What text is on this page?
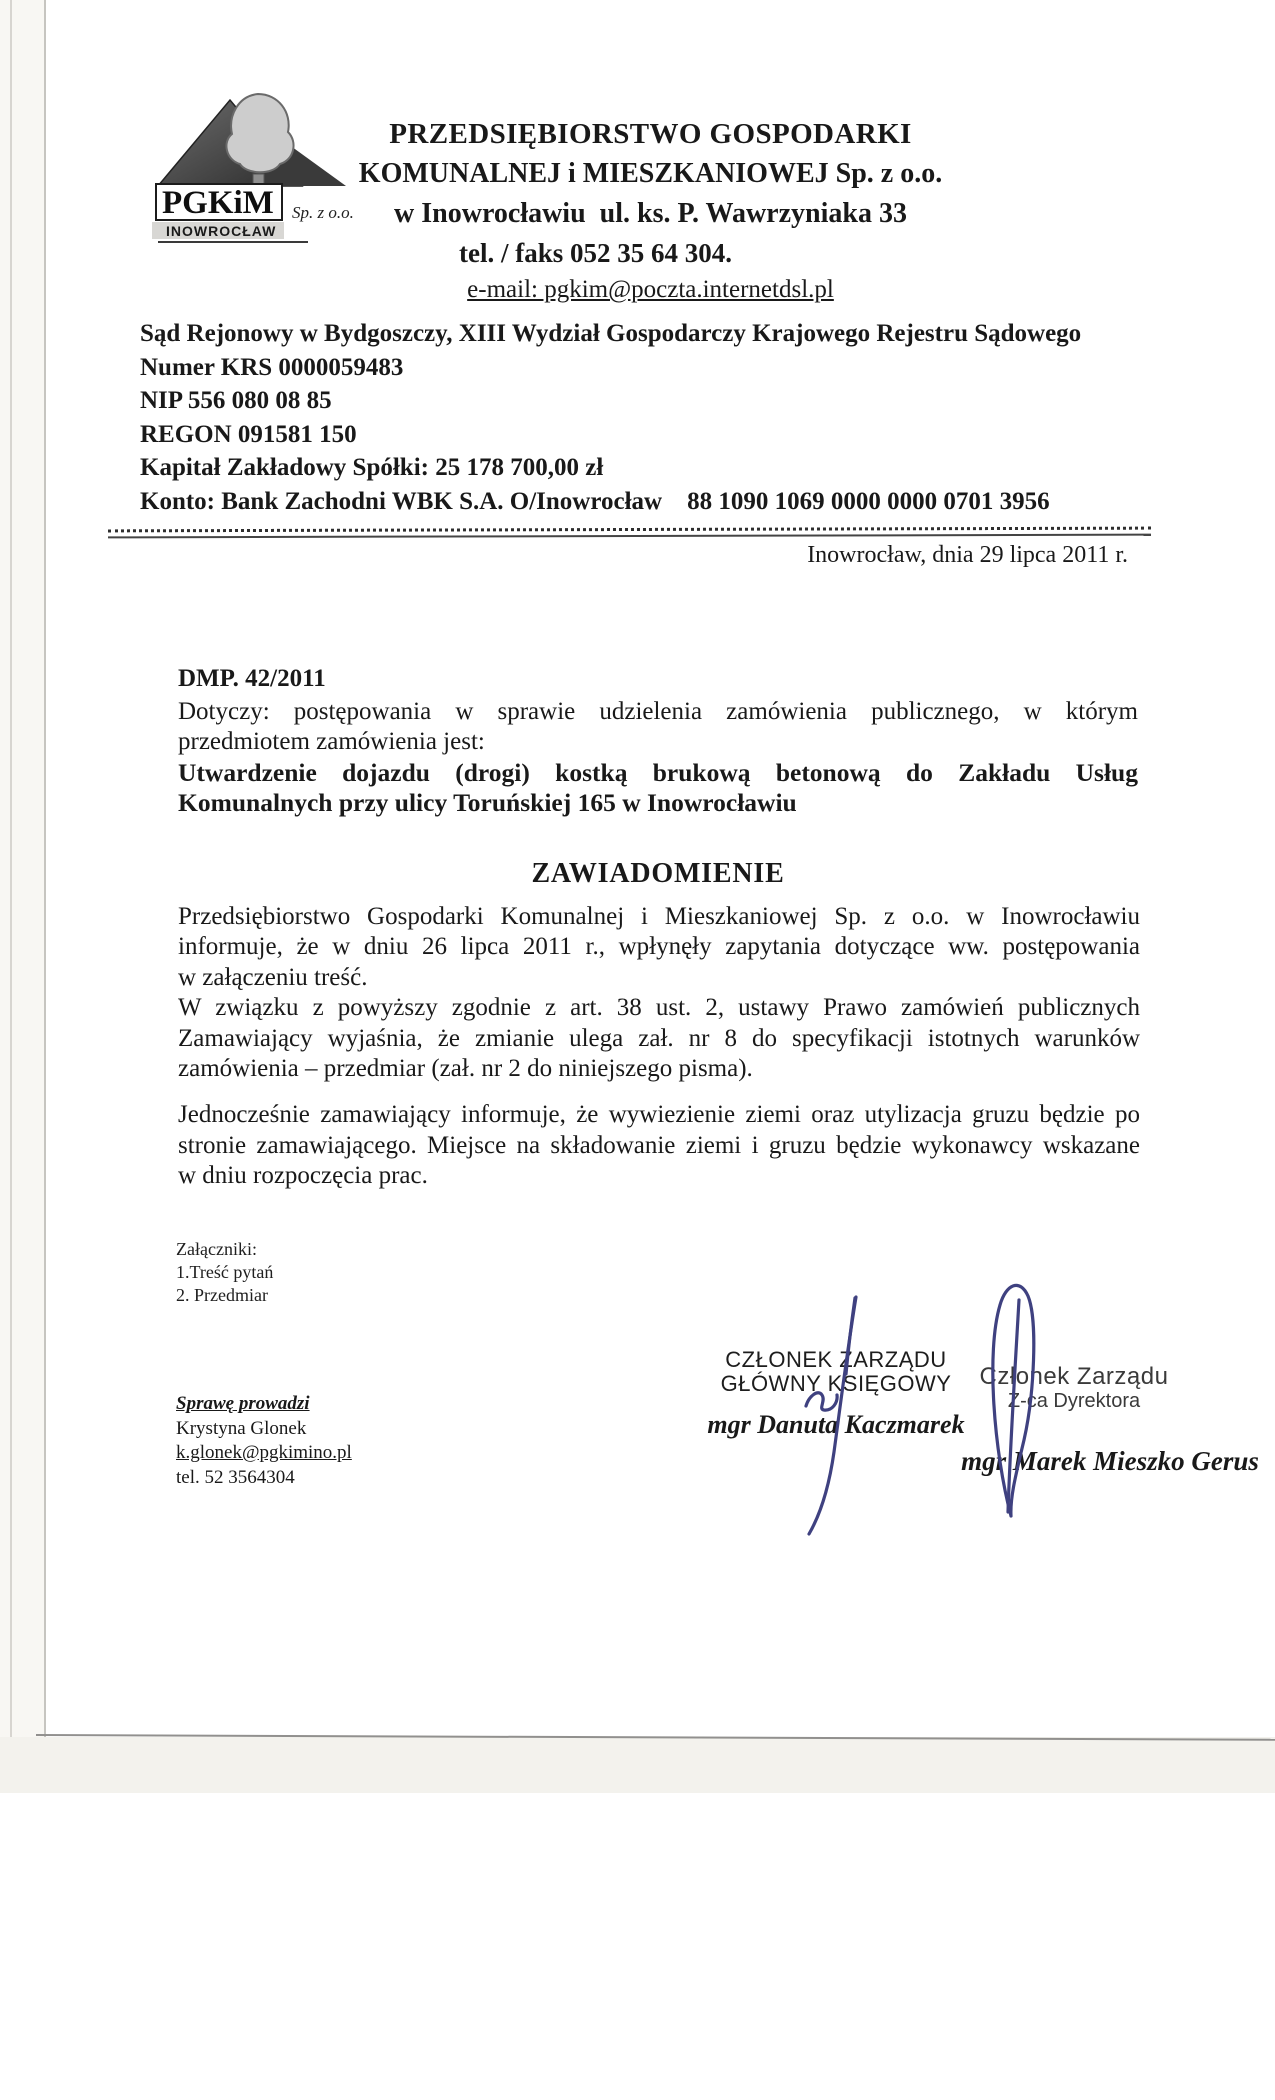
PGKiM
INOWROCŁAW
Sp. z o.o.
PRZEDSIĘBIORSTWO GOSPODARKI
KOMUNALNEJ i MIESZKANIOWEJ Sp. z o.o.
w Inowrocławiu  ul. ks. P. Wawrzyniaka 33
tel. / faks 052 35 64 304.
e-mail: pgkim@poczta.internetdsl.pl
Sąd Rejonowy w Bydgoszczy, XIII Wydział Gospodarczy Krajowego Rejestru Sądowego
Numer KRS 0000059483
NIP 556 080 08 85
REGON 091581 150
Kapitał Zakładowy Spółki: 25 178 700,00 zł
Konto: Bank Zachodni WBK S.A. O/Inowrocław    88 1090 1069 0000 0000 0701 3956
Inowrocław, dnia 29 lipca 2011 r.
DMP. 42/2011
Dotyczy: postępowania w sprawie udzielenia zamówienia publicznego, w którym
przedmiotem zamówienia jest:
Utwardzenie dojazdu (drogi) kostką brukową betonową do Zakładu Usług
Komunalnych przy ulicy Toruńskiej 165 w Inowrocławiu
ZAWIADOMIENIE
Przedsiębiorstwo Gospodarki Komunalnej i Mieszkaniowej Sp. z o.o. w Inowrocławiu
informuje, że w dniu 26 lipca 2011 r., wpłynęły zapytania dotyczące ww. postępowania
w załączeniu treść.
W związku z powyższy zgodnie z art. 38 ust. 2, ustawy Prawo zamówień publicznych
Zamawiający wyjaśnia, że zmianie ulega zał. nr 8 do specyfikacji istotnych warunków
zamówienia – przedmiar (zał. nr 2 do niniejszego pisma).
Jednocześnie zamawiający informuje, że wywiezienie ziemi oraz utylizacja gruzu będzie po
stronie zamawiającego. Miejsce na składowanie ziemi i gruzu będzie wykonawcy wskazane
w dniu rozpoczęcia prac.
Załączniki:
1.Treść pytań
2. Przedmiar
CZŁONEK ZARZĄDU
GŁÓWNY KSIĘGOWY
mgr Danuta Kaczmarek
Członek Zarządu
Z-ca Dyrektora
mgr Marek Mieszko Gerus
Sprawę prowadzi
Krystyna Glonek
k.glonek@pgkimino.pl
tel. 52 3564304
